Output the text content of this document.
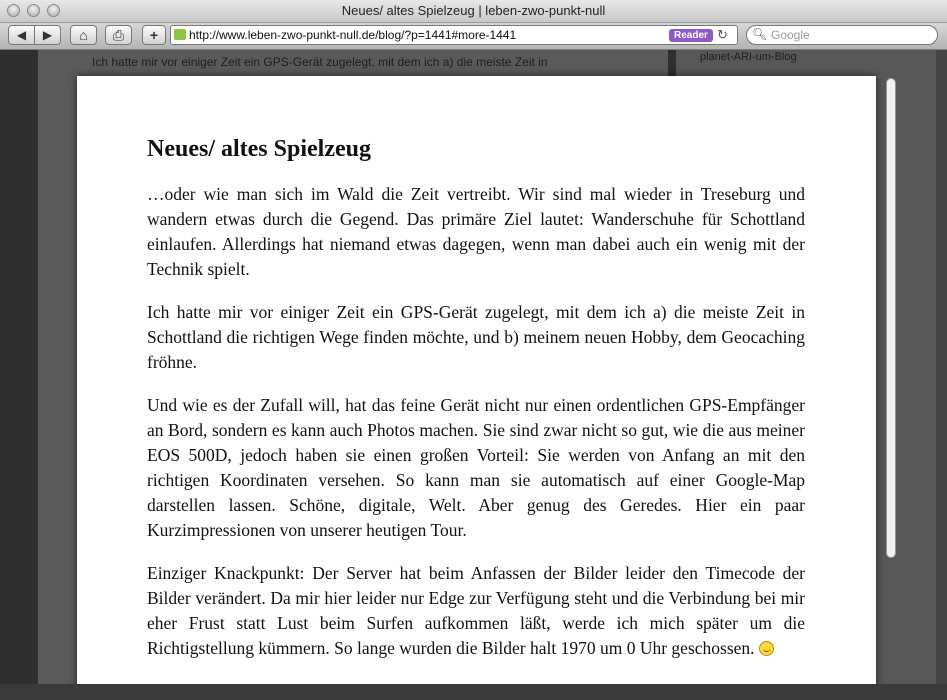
Neues/ altes Spielzeug | leben-zwo-punkt-null
◀	▶	⌂	⎙	+	http://www.leben-zwo-punkt-null.de/blog/?p=1441#more-1441	Reader ↻ 🔍︎ Google
Ich hatte mir vor einiger Zeit ein GPS-Gerät zugelegt, mit dem ich a) die meiste Zeit in	planet-ARI-um-Blog
Neues/ altes Spielzeug

…oder wie man sich im Wald die Zeit vertreibt. Wir sind mal wieder in Treseburg und wandern etwas durch die Gegend. Das primäre Ziel lautet: Wanderschuhe für Schottland einlaufen. Allerdings hat niemand etwas dagegen, wenn man dabei auch ein wenig mit der Technik spielt.

Ich hatte mir vor einiger Zeit ein GPS-Gerät zugelegt, mit dem ich a) die meiste Zeit in Schottland die richtigen Wege finden möchte, und b) meinem neuen Hobby, dem Geocaching fröhne.

Und wie es der Zufall will, hat das feine Gerät nicht nur einen ordentlichen GPS-Empfänger an Bord, sondern es kann auch Photos machen. Sie sind zwar nicht so gut, wie die aus meiner EOS 500D, jedoch haben sie einen großen Vorteil: Sie werden von Anfang an mit den richtigen Koordinaten versehen. So kann man sie automatisch auf einer Google-Map darstellen lassen. Schöne, digitale, Welt. Aber genug des Geredes. Hier ein paar Kurzimpressionen von unserer heutigen Tour.

Einziger Knackpunkt: Der Server hat beim Anfassen der Bilder leider den Timecode der Bilder verändert. Da mir hier leider nur Edge zur Verfügung steht und die Verbindung bei mir eher Frust statt Lust beim Surfen aufkommen läßt, werde ich mich später um die Richtigstellung kümmern. So lange wurden die Bilder halt 1970 um 0 Uhr geschossen.
